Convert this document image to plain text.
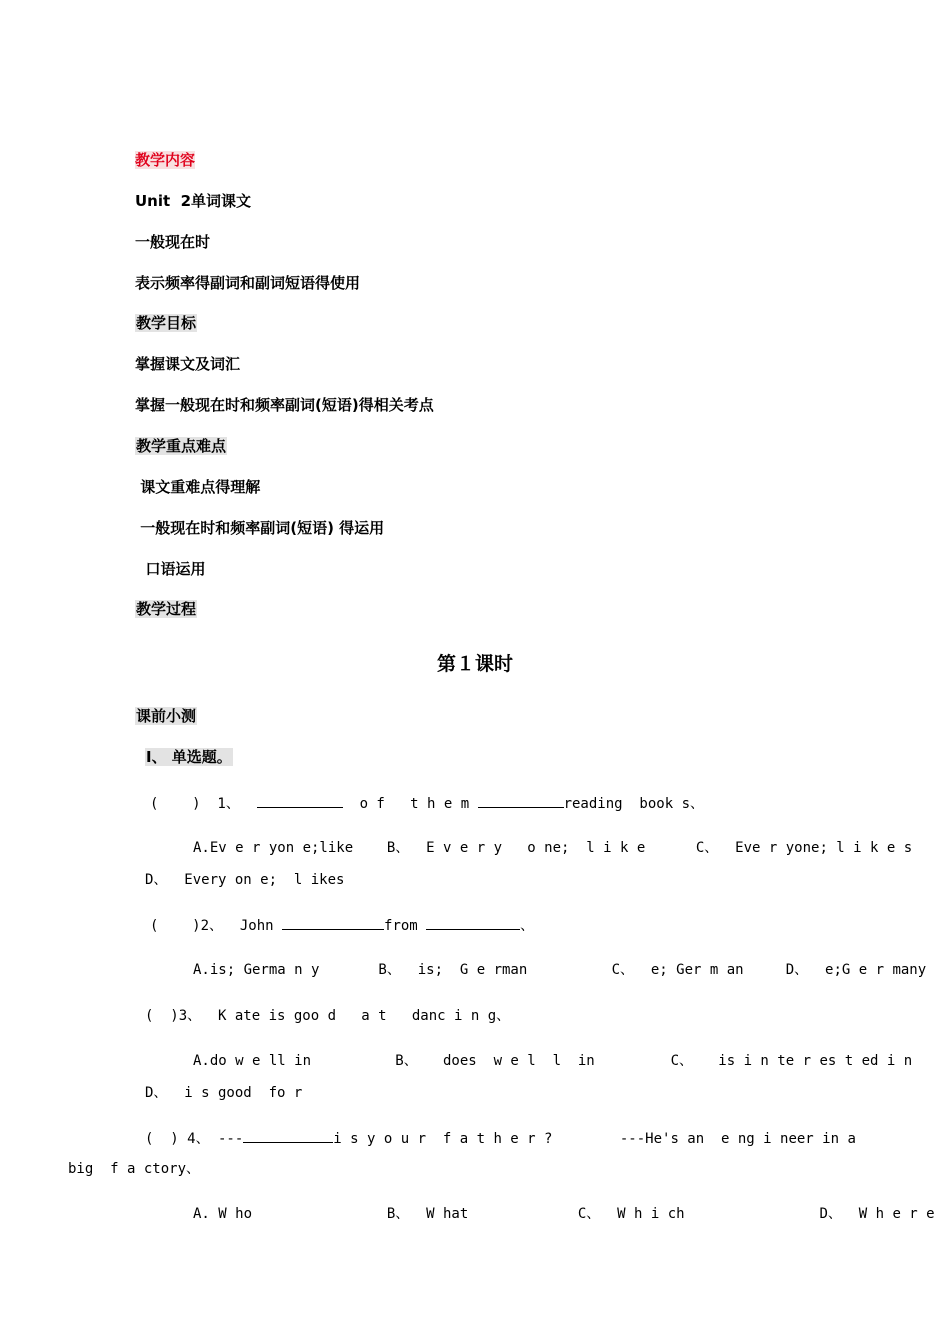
教学内容
Unit  2单词课文
一般现在时
表示频率得副词和副词短语得使用
教学目标
掌握课文及词汇
掌握一般现在时和频率副词(短语)得相关考点
教学重点难点
课文重难点得理解
一般现在时和频率副词(短语) 得运用
口语运用
教学过程
第１课时
课前小测
Ⅰ、 单选题。
(    )  1、	o f   t h e m	reading  book s、
A.Ev e r yon e;like    B、  E v e r y   o ne;  l i k e      C、  Eve r yone; l i k e s
D、  Every on e;  l ikes
(    )2、  John	from	、
A.is; Germa n y       B、  is;  G e rman          C、  e; Ger m an     D、  e;G e r many
(  )3、  K ate is goo d   a t   danc i n g、
A.do w e ll in          B、   does  w e l  l  in         C、   is i n te r es t ed i n
D、  i s good  fo r
(  ) 4、 ---	i s y o u r  f a t h e r ?        ---He's an  e ng i neer in a
big  f a ctory、
A. W ho                B、  W hat             C、  W h i ch                D、  W h e r e
